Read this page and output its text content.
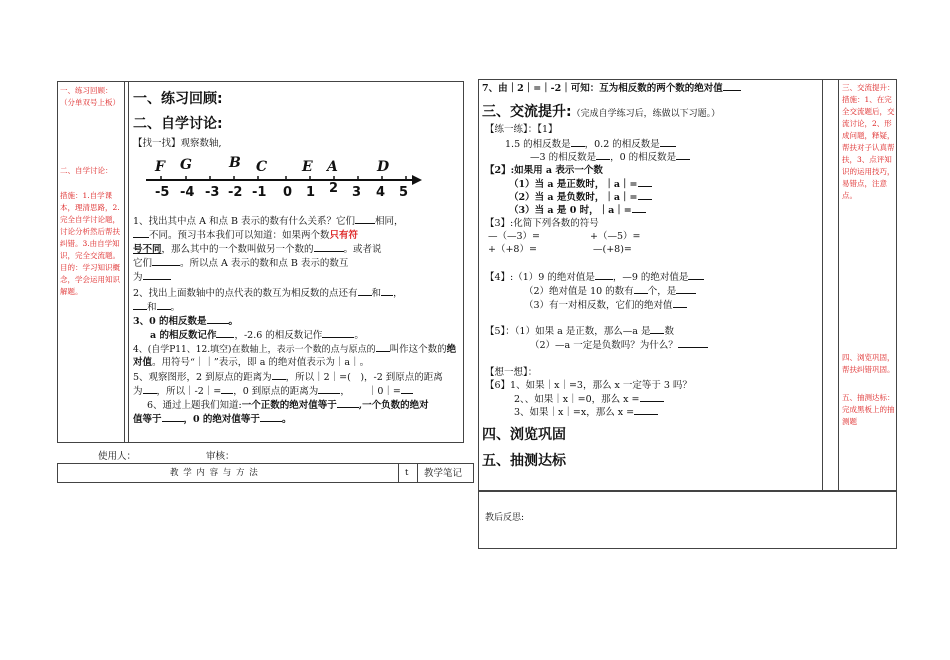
一、练习回顾：（分单双号上板）
二、自学讨论：
措施：1.自学课本，理清思路，2.完全自学讨论题，讨论分析然后帮扶纠错。3.由自学知识，完全交流题。目的：学习知识概念，学会运用知识解题。
一、练习回顾:
二、自学讨论:
【找一找】观察数轴,
F G	B C E A	D
-5 -4 -3 -2 -1 0 1 2 3 4 5
1、找出其中点 A 和点 B 表示的数有什么关系？它们 相同，
不同。预习书本我们可以知道：如果两个数只有符
号不同，那么其中的一个数叫做另一个数的	。或者说
它们	。所以点 A 表示的数和点 B 表示的数互
为
2、找出上面数轴中的点代表的数互为相反数的点还有 和 ，
和 。
3、0 的相反数是 。
a 的相反数记作 ，-2.6 的相反数记作	。
4、(自学P11、12.填空)在数轴上，表示一个数的点与原点的 叫作这个数的绝
对值。用符号“｜｜”表示，即 a 的绝对值表示为｜a｜。
5、观察图形，2 到原点的距离为 ，所以｜2｜=(　)，-2 到原点的距离
为 ，所以｜-2｜= ，0 到原点的距离为 ， ｜0｜=
6、通过上题我们知道:一个正数的绝对值等于 ,一个负数的绝对
值等于 ，0 的绝对值等于 。
使用人：	审核：
教 学 内 容 与 方 法	t 教学笔记
教后反思:
7、由｜2｜=｜-2｜可知：互为相反数的两个数的绝对值
三、交流提升:（完成自学练习后，练做以下习题。）
【练一练】：【1】
1.5 的相反数是 ，0.2 的相反数是
—3 的相反数是 ，0 的相反数是
【2】:如果用 a 表示一个数
（1）当 a 是正数时，｜a｜=
（2）当 a 是负数时，｜a｜=
（3）当 a 是 0 时，｜a｜=
【3】:化简下列各数的符号
—（—3）=	+（—5）=
+（+8）=	—(+8)=
【4】:（1）9 的绝对值是 ，—9 的绝对值是
（2）绝对值是 10 的数有 个，是
（3）有一对相反数，它们的绝对值
【5】：（1）如果 a 是正数，那么—a 是 数
（2）—a 一定是负数吗？为什么？
【想一想】：
【6】1、如果｜x｜=3，那么 x 一定等于 3 吗？
2、、如果｜x｜=0，那么 x =
3、如果｜x｜=x，那么 x =
四、浏览巩固
五、抽测达标
三、交流提升：措施：1、在完全交流题后，交流讨论，2、形成问题，释疑，帮扶对子认真帮扶，3、点评知识的运用技巧，易错点，注意点。
四、浏览巩固，帮扶纠错巩固。
五、抽测达标：完成黑板上的抽测题
